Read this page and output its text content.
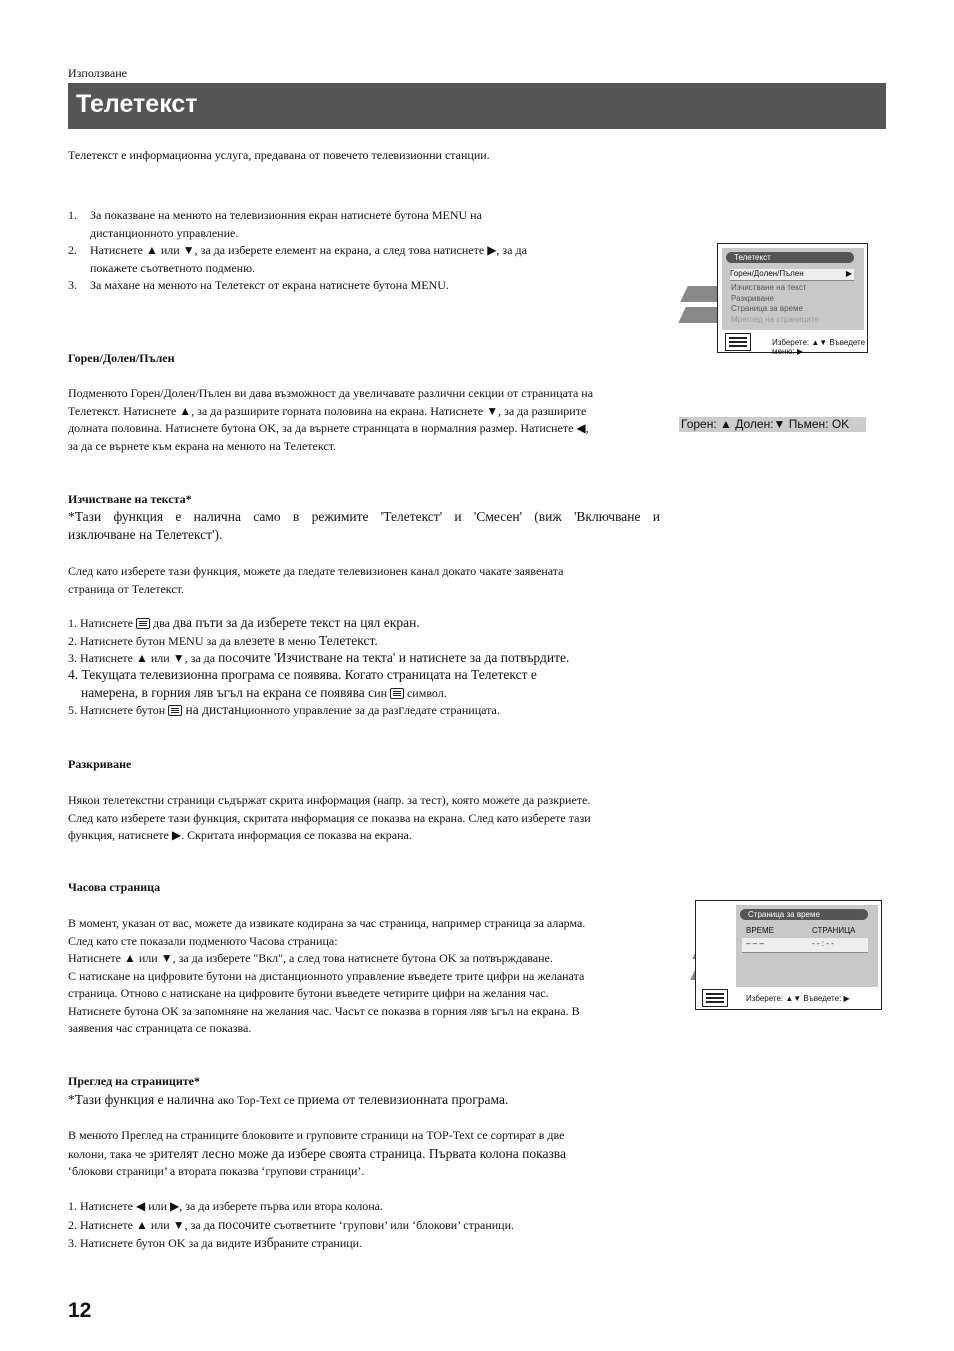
Използване
Телетекст
Телетекст е информационна услуга, предавана от повечето телевизионни станции.
1. За показване на менюто на телевизионния екран натиснете бутона MENU на
дистанционното управление.
2. Натиснете ▲ или ▼, за да изберете елемент на екрана, а след това натиснете ▶, за да
покажете съответното подменю.
3. За махане на менюто на Телетекст от екрана натиснете бутона MENU.
Телетекст
Горен/Долен/Пълен	▶
Изчистване на текст
Разкриване
Страница за време
Мреглед на страниците
Изберете: ▲▼ Въведете меню: ▶
Горен/Долен/Пълен
Подменюто Горен/Долен/Пълен ви дава възможност да увеличавате различни секции от страницата на
Телетекст. Натиснете ▲, за да разширите горната половина на екрана. Натиснете ▼, за да разширите
долната половина. Натиснете бутона OK, за да върнете страницата в нормалния размер. Натиснете ◀,
за да се върнете към екрана на менюто на Телетекст.
Горен: ▲ Долен:▼ Пьмен: OK
Изчистване на текста*
*Тази функция е налична само в режимите 'Телетекст' и 'Смесен' (виж 'Включване и
изключване на Телетекст').
След като изберете тази функция, можете да гледате телевизионен канал докато чакате заявената
страница от Телетекст.
1. Натиснете  два два пъти за да изберете текст на цял екран.
2. Натиснете бутон MENU за да влезете в меню Телетекст.
3. Натиснете ▲ или ▼, за да посочите 'Изчистване на текта' и натиснете за да потвърдите.
4. Текущата телевизионна програма се появява. Когато страницата на Телетекст е
намерена, в горния ляв ъгъл на екрана се появява син  символ.
5. Натиснете бутон  на дистанционното управление за да разгледате страницата.
Разкриване
Някои телетекстни страници съдържат скрита информация (напр. за тест), която можете да разкриете.
След като изберете тази функция, скритата информация се показва на екрана. След като изберете тази
функция, натиснете ▶. Скритата информация се показва на екрана.
Часова страница
В момент, указан от вас, можете да извикате кодирана за час страница, например страница за аларма.
След като сте показали подменюто Часова страница:
Натиснете ▲ или ▼, за да изберете "Вкл", а след това натиснете бутона OK за потвърждаване.
С натискане на цифровите бутони на дистанционното управление въведете трите цифри на желаната
страница. Отново с натискане на цифровите бутони въведете четирите цифри на желания час.
Натиснете бутона OK за запомняне на желания час. Часът се показва в горния ляв ъгъл на екрана. В
заявения час страницата се показва.
Страница за време
ВРЕМЕ	СТРАНИЦА
– – –	- - : - -
Изберете: ▲▼ Въведете: ▶
Преглед на страниците*
*Тази функция е налична ако Top-Text се приема от телевизионната програма.
В менюто Преглед на страниците блоковите и груповите страници на TOP-Text се сортират в две
колони, така че зрителят лесно може да избере своята страница. Първата колона показва
‘блокови страници’ а втората показва ‘групови страници’.
1. Натиснете ◀ или ▶, за да изберете първа или втора колона.
2. Натиснете ▲ или ▼, за да посочите съответните ‘групови’ или ‘блокови’ страници.
3. Натиснете бутон OK за да видите избраните страници.
12
